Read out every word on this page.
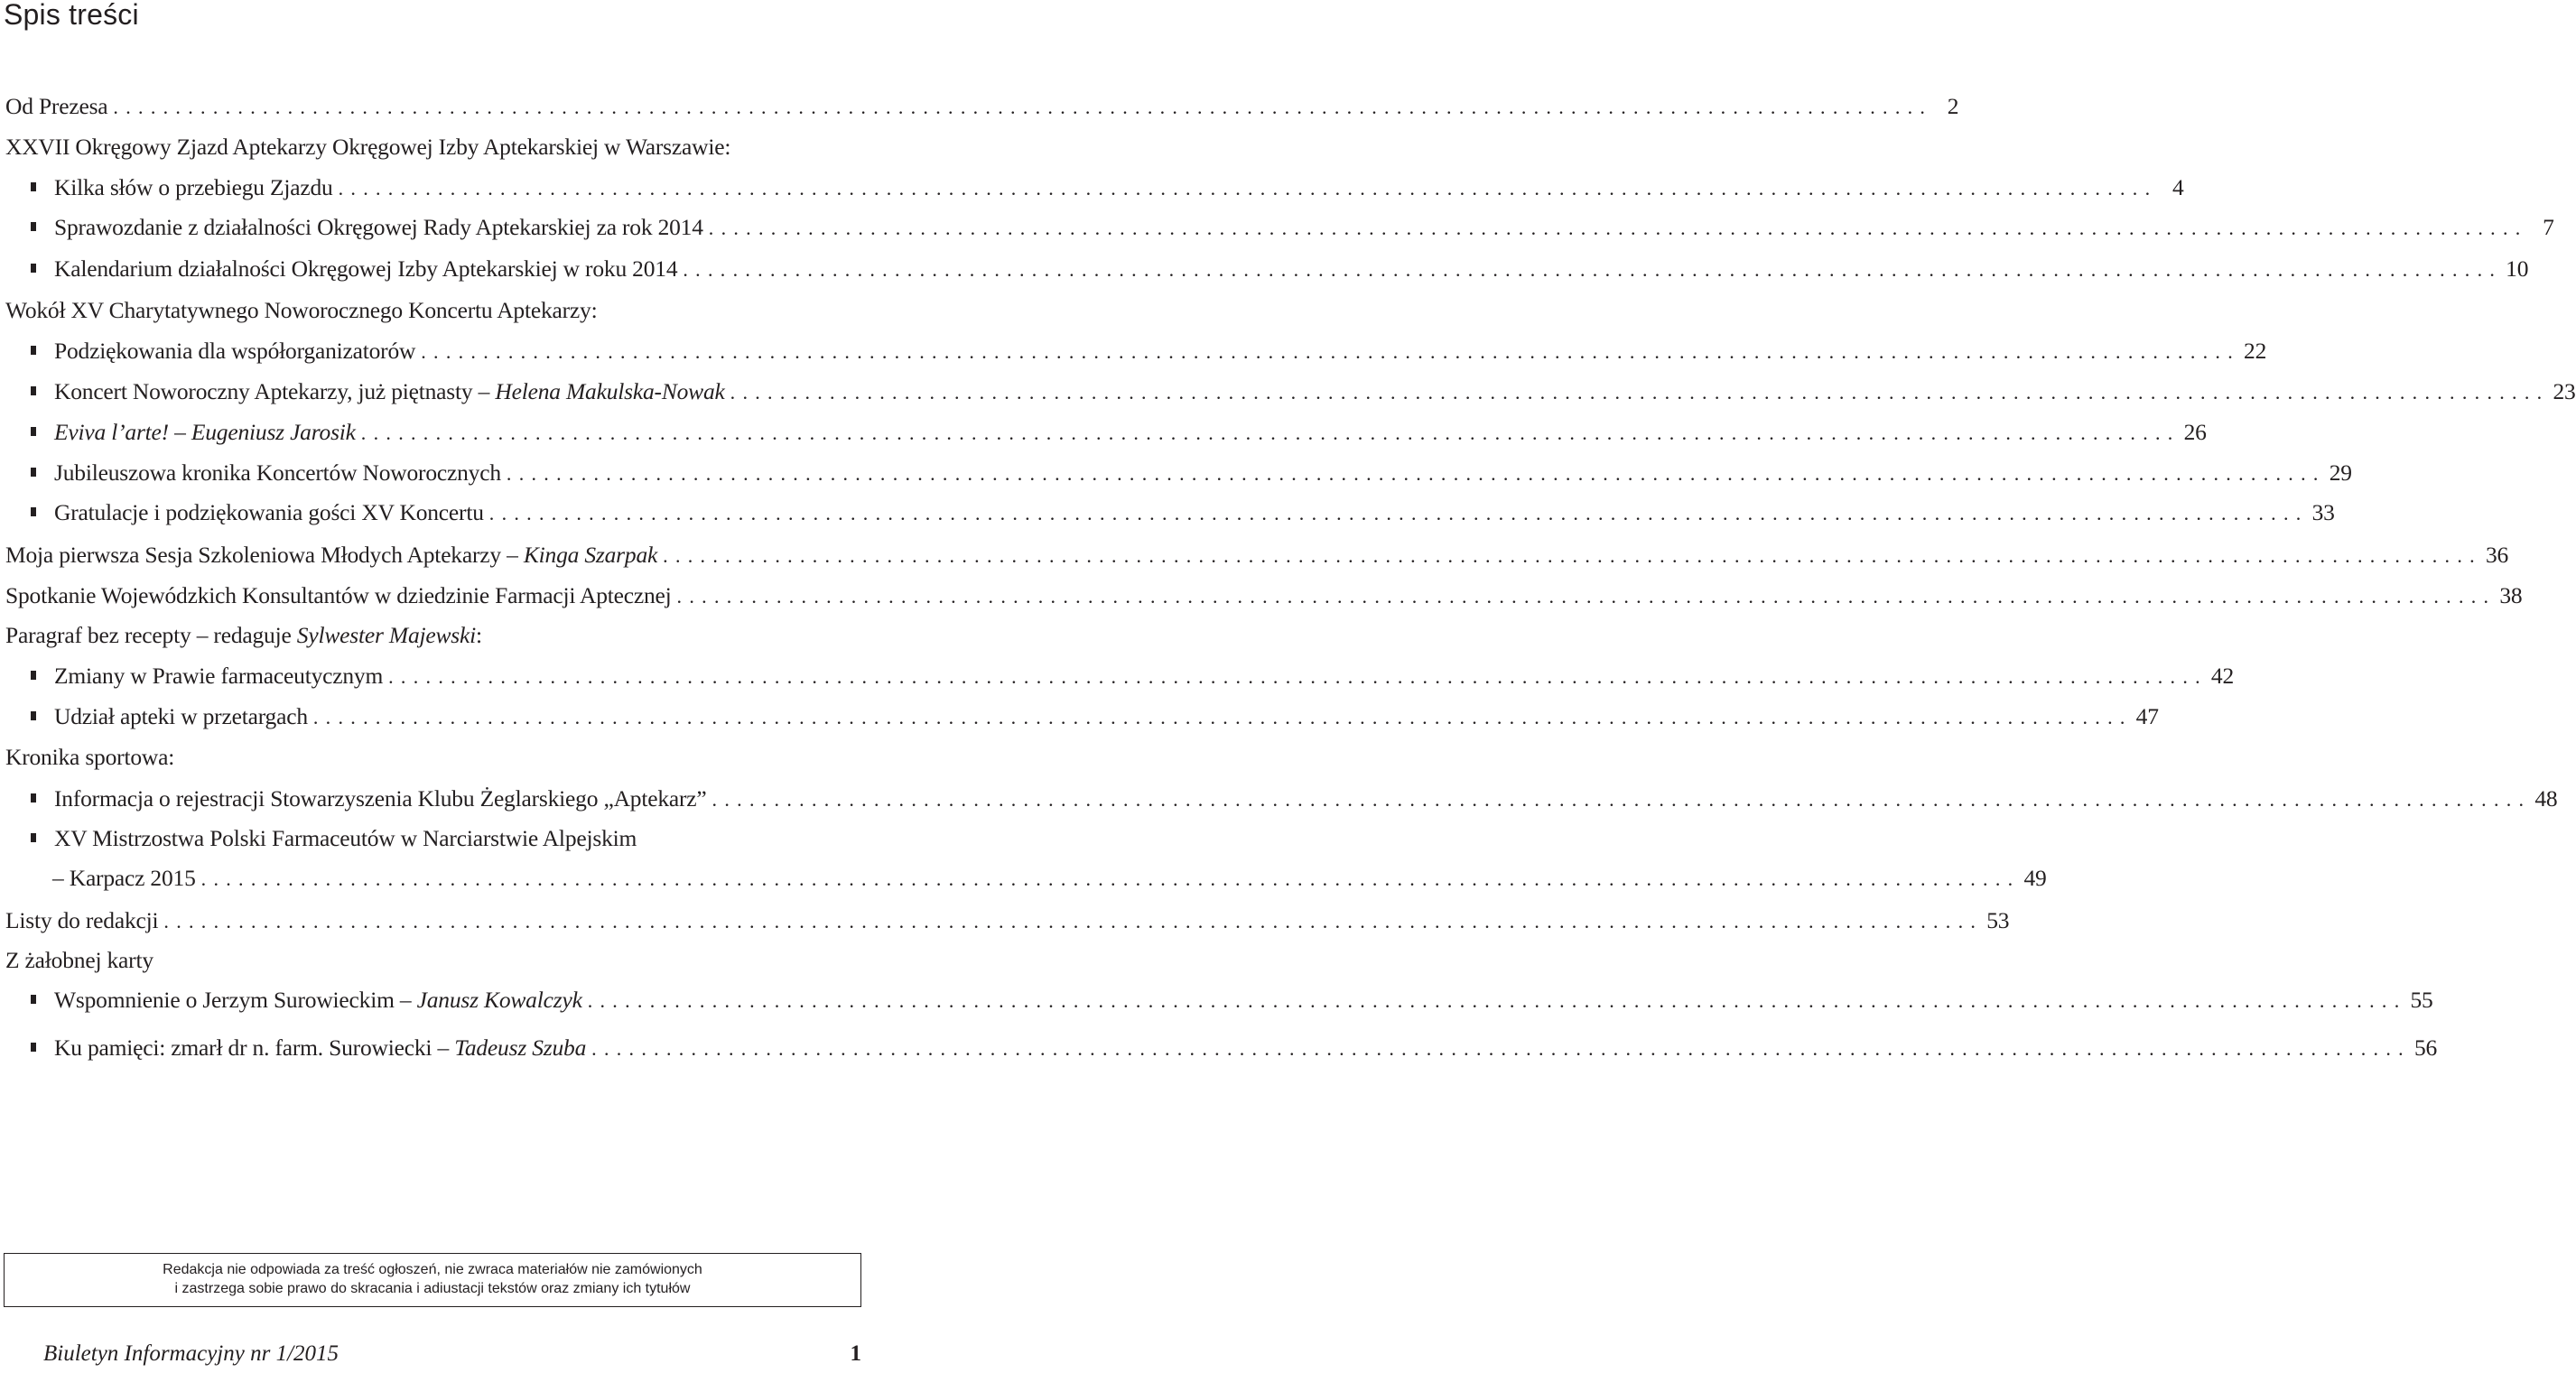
Spis treści
Od Prezesa . . .	2
XXVII Okręgowy Zjazd Aptekarzy Okręgowej Izby Aptekarskiej w Warszawie:
Kilka słów o przebiegu Zjazdu . . .	4
Sprawozdanie z działalności Okręgowej Rady Aptekarskiej za rok 2014 . . .	7
Kalendarium działalności Okręgowej Izby Aptekarskiej w roku 2014 . . .	10
Wokół XV Charytatywnego Noworocznego Koncertu Aptekarzy:
Podziękowania dla współorganizatorów . . .	22
Koncert Noworoczny Aptekarzy, już piętnasty – Helena Makulska-Nowak . . .	23
Eviva l’arte! – Eugeniusz Jarosik . . .	26
Jubileuszowa kronika Koncertów Noworocznych . . .	29
Gratulacje i podziękowania gości XV Koncertu . . .	33
Moja pierwsza Sesja Szkoleniowa Młodych Aptekarzy – Kinga Szarpak . . .	36
Spotkanie Wojewódzkich Konsultantów w dziedzinie Farmacji Aptecznej . . .	38
Paragraf bez recepty – redaguje Sylwester Majewski:
Zmiany w Prawie farmaceutycznym . . .	42
Udział apteki w przetargach . . .	47
Kronika sportowa:
Informacja o rejestracji Stowarzyszenia Klubu Żeglarskiego „Aptekarz” . . .	48
XV Mistrzostwa Polski Farmaceutów w Narciarstwie Alpejskim
– Karpacz 2015 . . .	49
Listy do redakcji . . .	53
Z żałobnej karty
Wspomnienie o Jerzym Surowieckim – Janusz Kowalczyk . . .	55
Ku pamięci: zmarł dr n. farm. Surowiecki – Tadeusz Szuba . . .	56
Redakcja nie odpowiada za treść ogłoszeń, nie zwraca materiałów nie zamówionych
i zastrzega sobie prawo do skracania i adiustacji tekstów oraz zmiany ich tytułów
Biuletyn Informacyjny nr 1/2015	1
